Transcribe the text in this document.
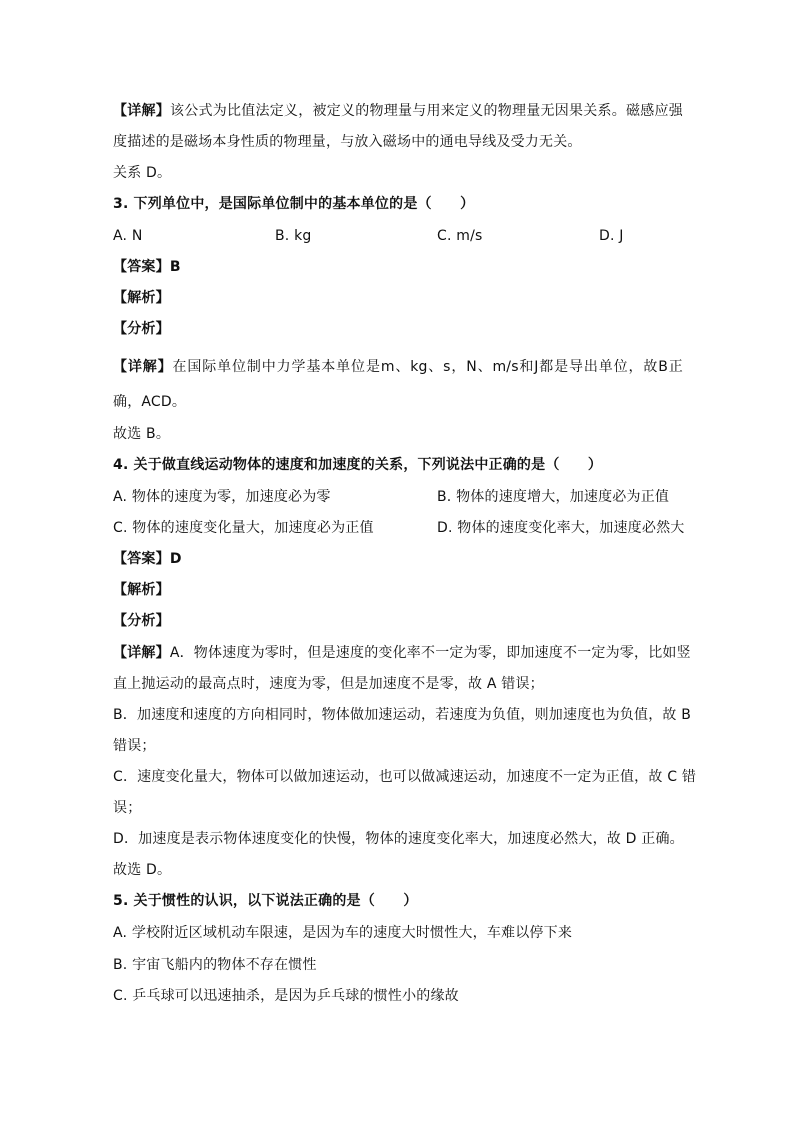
【详解】该公式为比值法定义，被定义的物理量与用来定义的物理量无因果关系。磁感应强
度描述的是磁场本身性质的物理量，与放入磁场中的通电导线及受力无关。
关系 D。
3. 下列单位中，是国际单位制中的基本单位的是（　　）
A. N	B. kg	C. m/s	D. J
【答案】B
【解析】
【分析】
【详解】在国际单位制中力学基本单位是m、kg、s，N、m/s和J都是导出单位，故B正
确，ACD。
故选 B。
4. 关于做直线运动物体的速度和加速度的关系，下列说法中正确的是（　　）
A. 物体的速度为零，加速度必为零	B. 物体的速度增大，加速度必为正值
C. 物体的速度变化量大，加速度必为正值	D. 物体的速度变化率大，加速度必然大
【答案】D
【解析】
【分析】
【详解】A．物体速度为零时，但是速度的变化率不一定为零，即加速度不一定为零，比如竖
直上抛运动的最高点时，速度为零，但是加速度不是零，故 A 错误；
B．加速度和速度的方向相同时，物体做加速运动，若速度为负值，则加速度也为负值，故 B
错误；
C．速度变化量大，物体可以做加速运动，也可以做减速运动，加速度不一定为正值，故 C 错
误；
D．加速度是表示物体速度变化的快慢，物体的速度变化率大，加速度必然大，故 D 正确。
故选 D。
5. 关于惯性的认识，以下说法正确的是（　　）
A. 学校附近区域机动车限速，是因为车的速度大时惯性大，车难以停下来
B. 宇宙飞船内的物体不存在惯性
C. 乒乓球可以迅速抽杀，是因为乒乓球的惯性小的缘故
